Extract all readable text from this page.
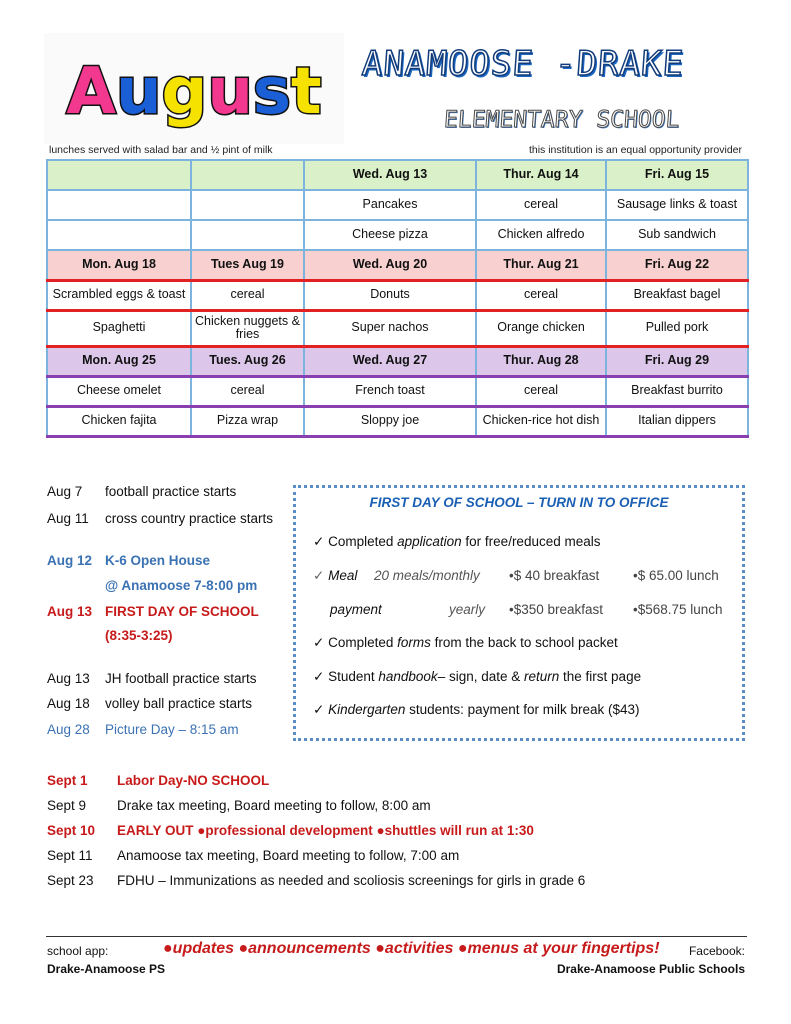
August ANAMOOSE -DRAKE
ELEMENTARY SCHOOL
lunches served with salad bar and ½ pint of milk	this institution is an equal opportunity provider
		Wed. Aug 13	Thur. Aug 14	Fri. Aug 15
		Pancakes	cereal	Sausage links & toast
		Cheese pizza	Chicken alfredo	Sub sandwich
Mon. Aug 18	Tues Aug 19	Wed. Aug 20	Thur. Aug 21	Fri. Aug 22
Scrambled eggs & toast	cereal	Donuts	cereal	Breakfast bagel
Spaghetti	Chicken nuggets & fries	Super nachos	Orange chicken	Pulled pork
Mon. Aug 25	Tues. Aug 26	Wed. Aug 27	Thur. Aug 28	Fri. Aug 29
Cheese omelet	cereal	French toast	cereal	Breakfast burrito
Chicken fajita	Pizza wrap	Sloppy joe	Chicken-rice hot dish	Italian dippers
Aug 7 football practice starts
Aug 11 cross country practice starts
Aug 12 K-6 Open House
@ Anamoose 7-8:00 pm
Aug 13 FIRST DAY OF SCHOOL
(8:35-3:25)
Aug 13 JH football practice starts
Aug 18 volley ball practice starts
Aug 28 Picture Day – 8:15 am
FIRST DAY OF SCHOOL – TURN IN TO OFFICE
✓ Completed application for free/reduced meals
✓ Meal 20 meals/monthly •$ 40 breakfast •$ 65.00 lunch
payment	yearly •$350 breakfast •$568.75 lunch
✓ Completed forms from the back to school packet
✓ Student handbook– sign, date & return the first page
✓ Kindergarten students: payment for milk break ($43)
Sept 1 Labor Day-NO SCHOOL
Sept 9 Drake tax meeting, Board meeting to follow, 8:00 am
Sept 10 EARLY OUT ●professional development ●shuttles will run at 1:30
Sept 11 Anamoose tax meeting, Board meeting to follow, 7:00 am
Sept 23 FDHU – Immunizations as needed and scoliosis screenings for girls in grade 6
school app:
Drake-Anamoose PS
●updates ●announcements ●activities ●menus at your fingertips! Facebook:
Drake-Anamoose Public Schools
